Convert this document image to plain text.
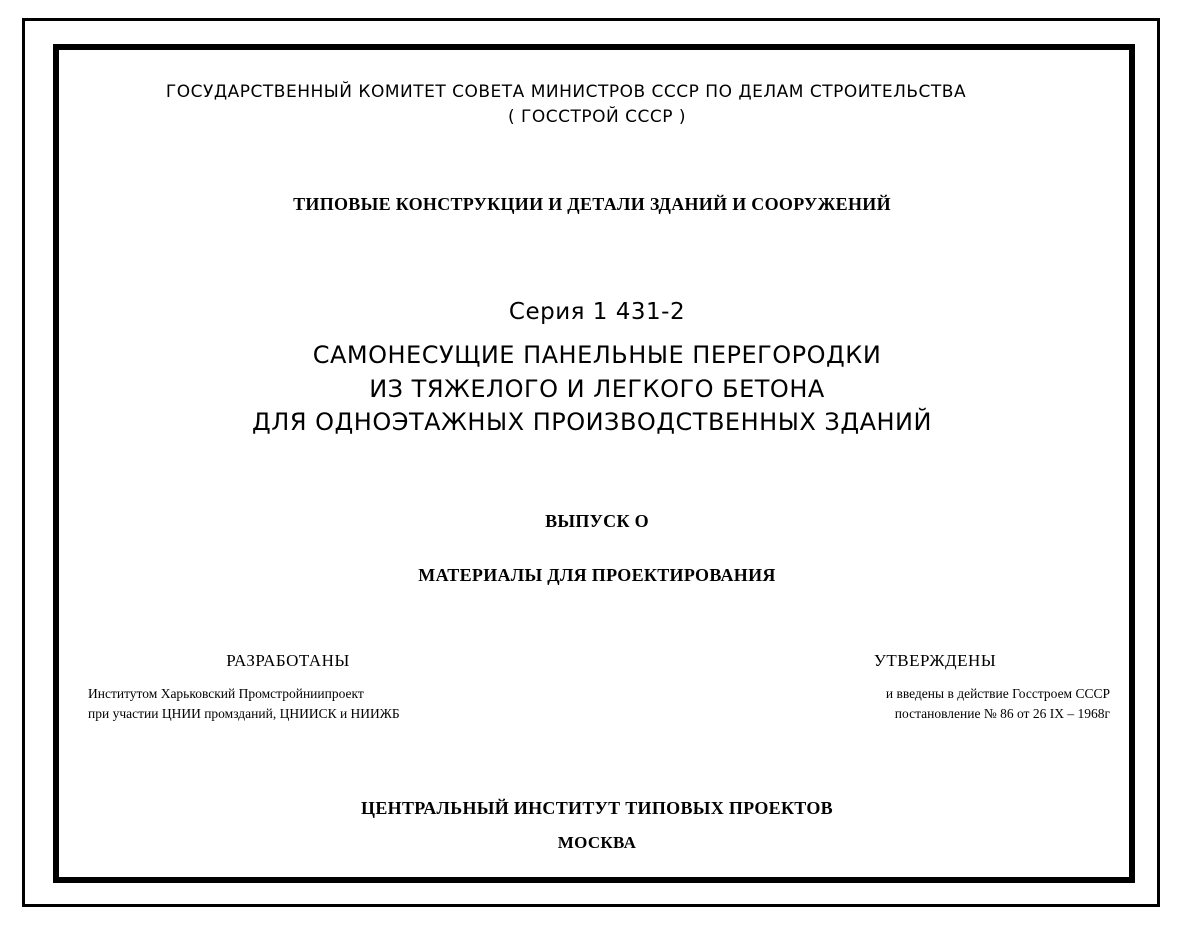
ГОСУДАРСТВЕННЫЙ КОМИТЕТ СОВЕТА МИНИСТРОВ СССР ПО ДЕЛАМ СТРОИТЕЛЬСТВА
( ГОССТРОЙ СССР )
ТИПОВЫЕ КОНСТРУКЦИИ И ДЕТАЛИ ЗДАНИЙ И СООРУЖЕНИЙ
Серия 1 431-2
САМОНЕСУЩИЕ ПАНЕЛЬНЫЕ ПЕРЕГОРОДКИ
ИЗ ТЯЖЕЛОГО И ЛЕГКОГО БЕТОНА
ДЛЯ ОДНОЭТАЖНЫХ ПРОИЗВОДСТВЕННЫХ ЗДАНИЙ
ВЫПУСК О
МАТЕРИАЛЫ ДЛЯ ПРОЕКТИРОВАНИЯ
РАЗРАБОТАНЫ
Институтом Харьковский Промстройниипроект
при участии ЦНИИ промзданий, ЦНИИСК и НИИЖБ
УТВЕРЖДЕНЫ
и введены в действие Госстроем СССР
постановление № 86 от 26 IX – 1968г
ЦЕНТРАЛЬНЫЙ ИНСТИТУТ ТИПОВЫХ ПРОЕКТОВ
МОСКВА
